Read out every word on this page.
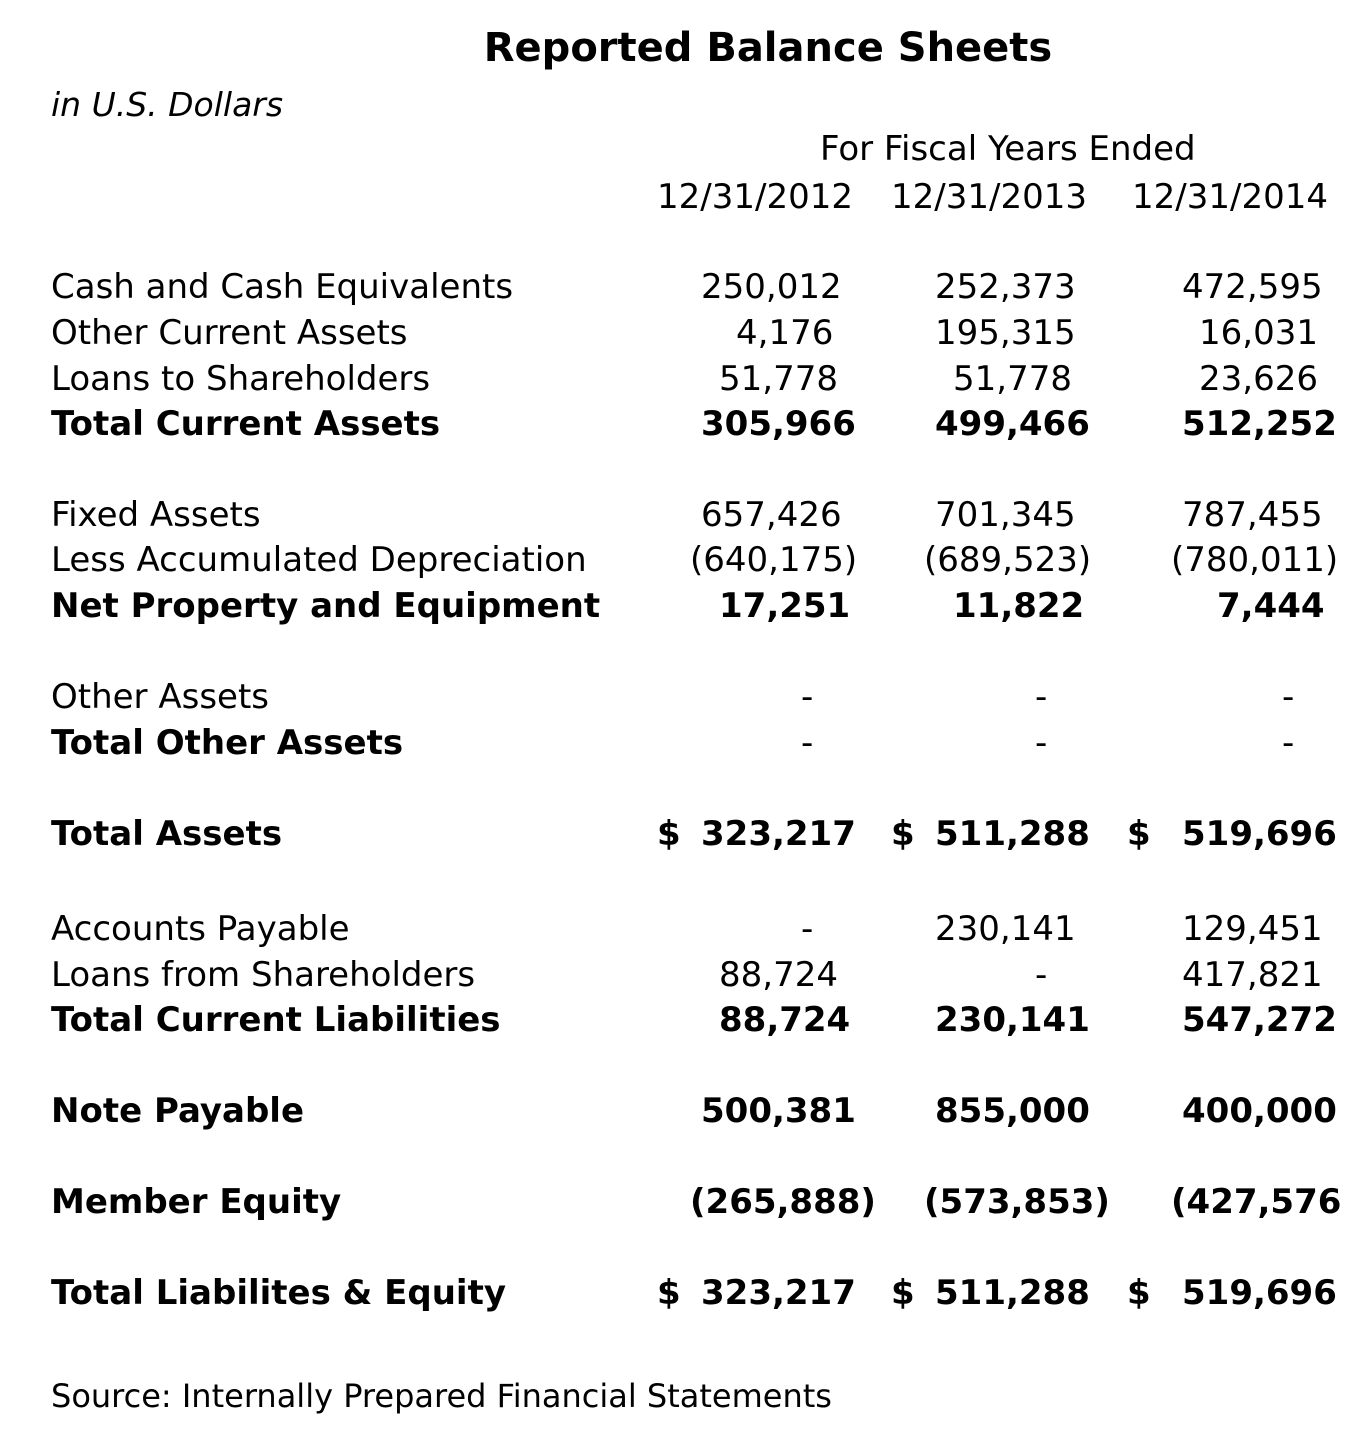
Reported Balance Sheets
in U.S. Dollars
For Fiscal Years Ended
12/31/2012 12/31/2013 12/31/2014
Cash and Cash Equivalents	250,012	252,373	472,595
Other Current Assets	4,176	195,315	16,031
Loans to Shareholders	51,778	51,778	23,626
Total Current Assets	305,966 499,466	512,252
Fixed Assets	657,426	701,345	787,455
Less Accumulated Depreciation	(640,175) (689,523) (780,011)
Net Property and Equipment	17,251	11,822	7,444
Other Assets	-	-	-
Total Other Assets	-	-	-
Total Assets	$ 323,217 $ 511,288 $ 519,696
Accounts Payable	-	230,141	129,451
Loans from Shareholders	88,724	-	417,821
Total Current Liabilities	88,724 230,141	547,272
Note Payable	500,381 855,000	400,000
Member Equity	(265,888) (573,853) (427,576
Total Liabilites & Equity	$ 323,217 $ 511,288 $ 519,696
Source: Internally Prepared Financial Statements
